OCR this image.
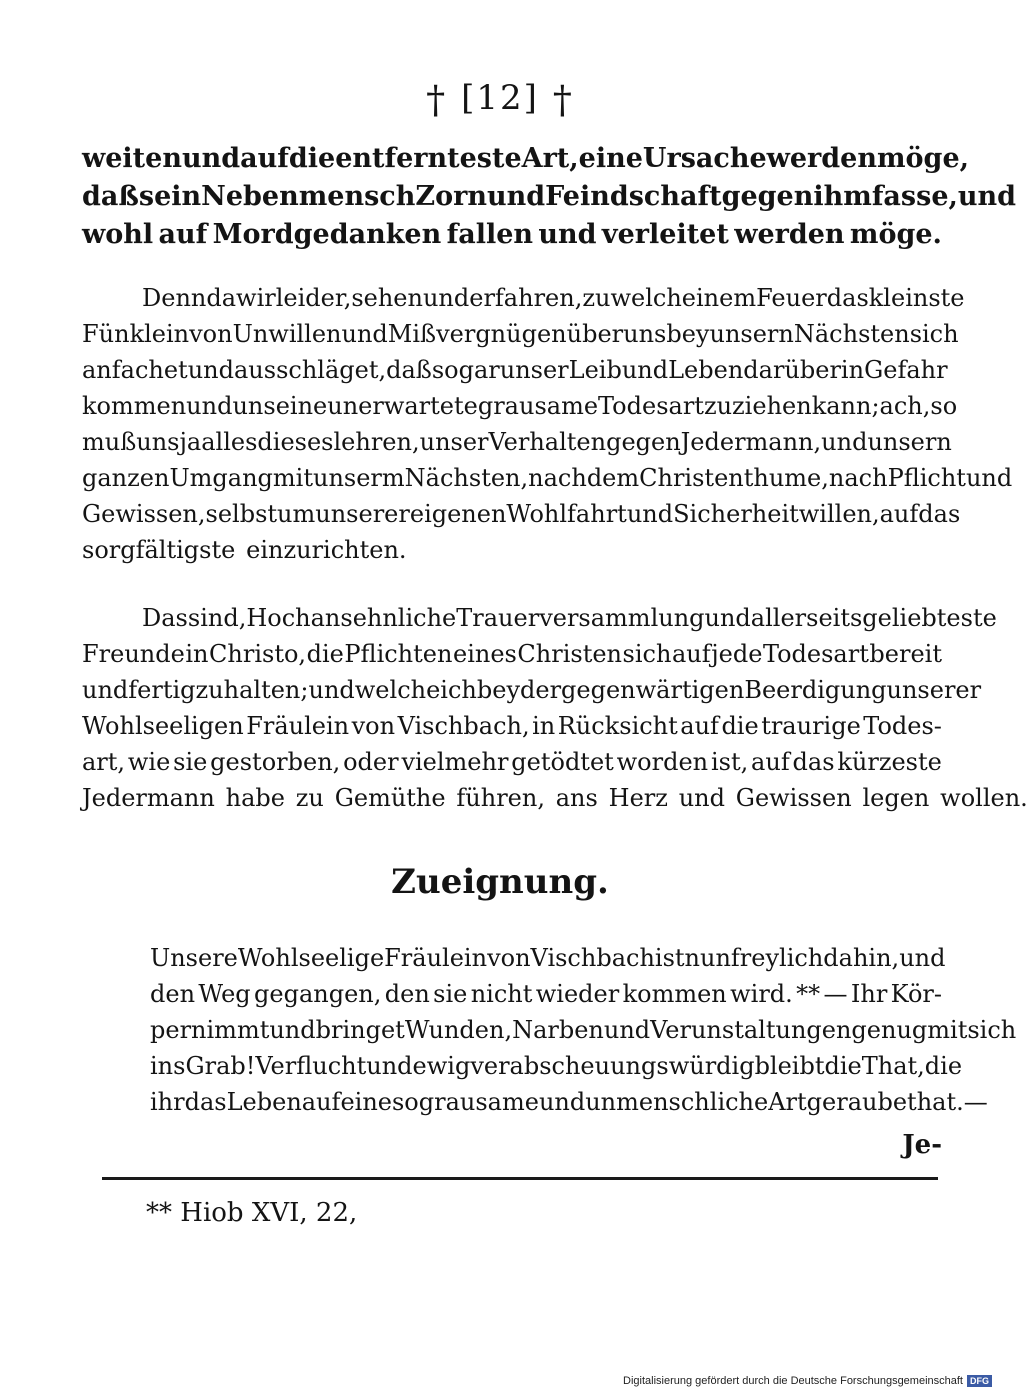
† [12] †
weiten und auf die entfernteste Art, eine Ursache werden möge,
daß sein Nebenmensch Zorn und Feindschaft gegen ihm fasse, und
wohl auf Mordgedanken fallen und verleitet werden möge.
Denn da wir leider, sehen und erfahren, zu welch einem Feuer das kleinste
Fünklein von Unwillen und Mißvergnügen über uns bey unsern Nächsten sich
anfachet und ausschläget, daß sogar unser Leib und Leben darüber in Gefahr
kommen und uns eine unerwartete grausame Todesart zuziehen kann; ach, so
muß uns ja alles dieses lehren, unser Verhalten gegen Jedermann, und unsern
ganzen Umgang mit unserm Nächsten, nach dem Christenthume, nach Pflicht und
Gewissen, selbst um unserer eigenen Wohlfahrt und Sicherheit willen, auf das
sorgfältigste einzurichten.
Das sind, Hochansehnliche Trauerversammlung und allerseits geliebteste
Freunde in Christo, die Pflichten eines Christen sich auf jede Todesart bereit
und fertig zu halten; und welche ich bey der gegenwärtigen Beerdigung unserer
Wohlseeligen Fräulein von Vischbach, in Rücksicht auf die traurige Todes-
art, wie sie gestorben, oder vielmehr getödtet worden ist, auf das kürzeste
Jedermann habe zu Gemüthe führen, ans Herz und Gewissen legen wollen.
Zueignung.
Unsere Wohlseelige Fräulein von Vischbach ist nun freylich dahin, und
den Weg gegangen, den sie nicht wieder kommen wird. ** — Ihr Kör-
per nimmt und bringet Wunden, Narben und Verunstaltungen genug mit sich
ins Grab! Verflucht und ewig verabscheuungswürdig bleibt die That, die
ihr das Leben auf eine so grausame und unmenschliche Art geraubet hat. —
Je-
** Hiob XVI, 22,
Digitalisierung gefördert durch die Deutsche Forschungsgemeinschaft DFG
